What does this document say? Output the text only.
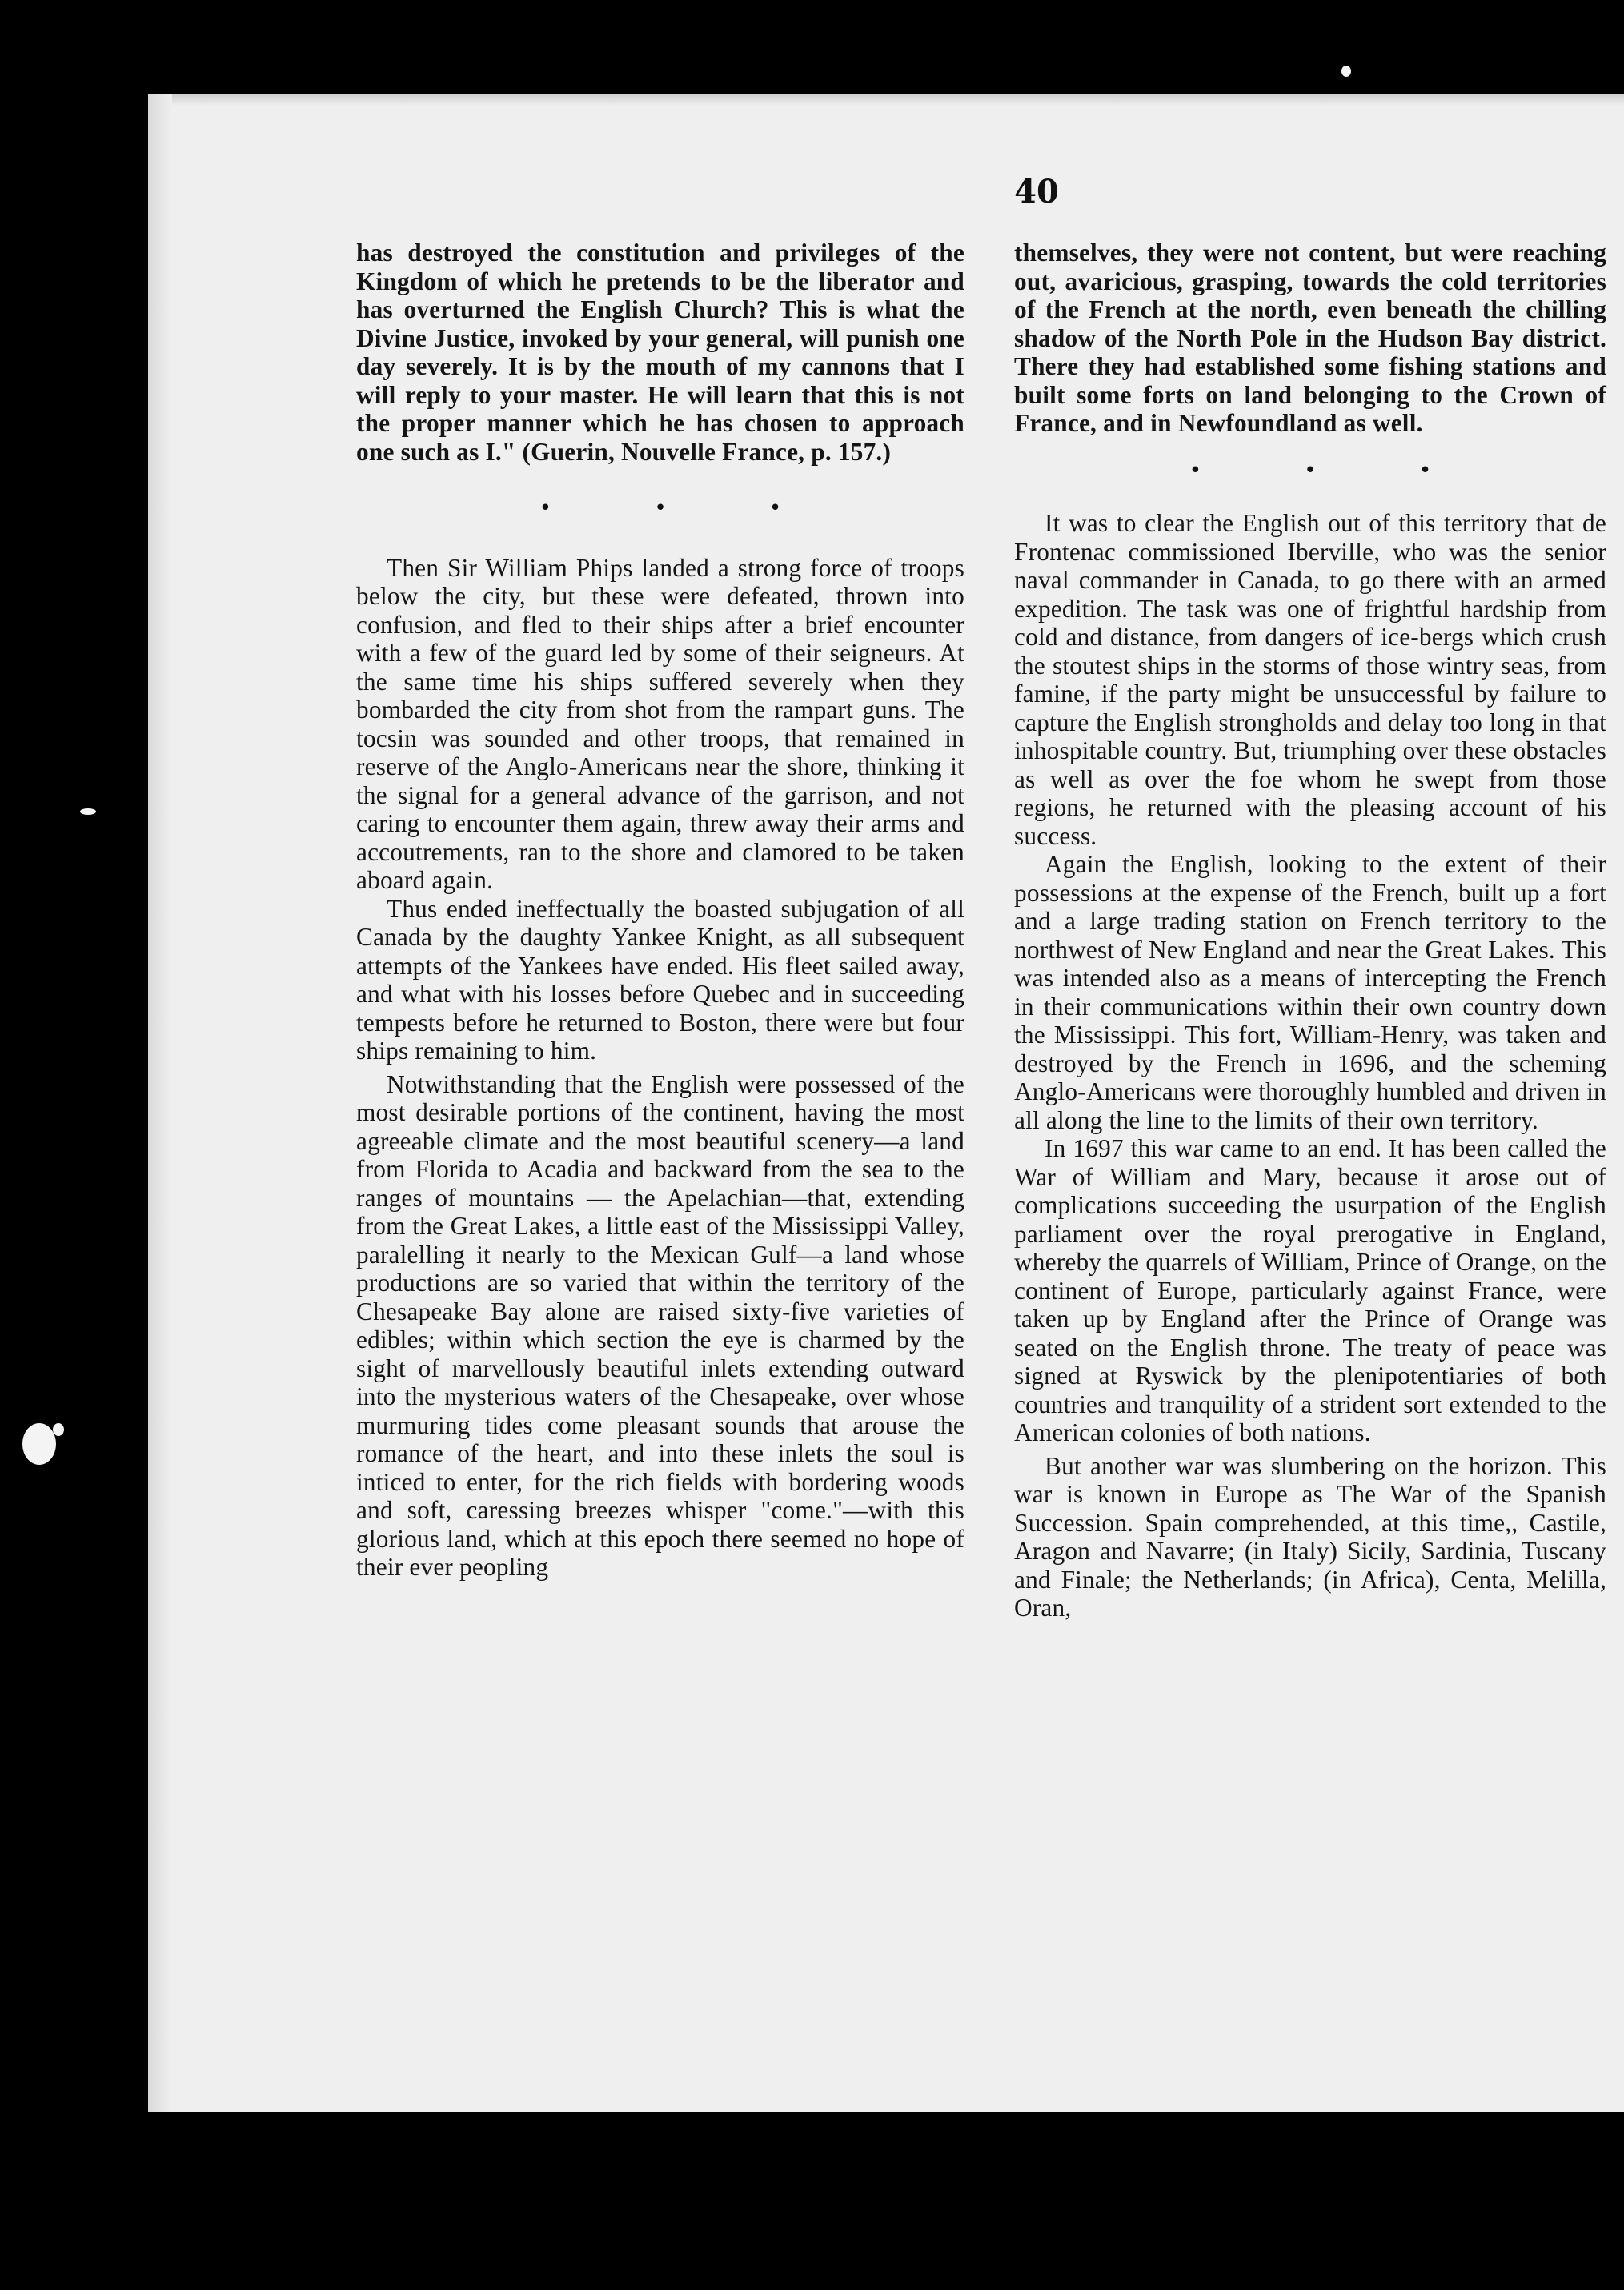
40

has destroyed the constitution and privileges of the Kingdom of which he pretends to be the liberator and has overturned the English Church? This is what the Divine Justice, invoked by your general, will punish one day severely. It is by the mouth of my cannons that I will reply to your master. He will learn that this is not the proper manner which he has chosen to approach one such as I." (Guerin, Nouvelle France, p. 157.)

• • •

Then Sir William Phips landed a strong force of troops below the city, but these were defeated, thrown into confusion, and fled to their ships after a brief encounter with a few of the guard led by some of their seigneurs. At the same time his ships suffered severely when they bombarded the city from shot from the rampart guns. The tocsin was sounded and other troops, that remained in reserve of the Anglo-Americans near the shore, thinking it the signal for a general advance of the garrison, and not caring to encounter them again, threw away their arms and accoutrements, ran to the shore and clamored to be taken aboard again.

Thus ended ineffectually the boasted subjugation of all Canada by the daughty Yankee Knight, as all subsequent attempts of the Yankees have ended. His fleet sailed away, and what with his losses before Quebec and in succeeding tempests before he returned to Boston, there were but four ships remaining to him.

Notwithstanding that the English were possessed of the most desirable portions of the continent, having the most agreeable climate and the most beautiful scenery—a land from Florida to Acadia and backward from the sea to the ranges of mountains — the Apelachian—that, extending from the Great Lakes, a little east of the Mississippi Valley, paralelling it nearly to the Mexican Gulf—a land whose productions are so varied that within the territory of the Chesapeake Bay alone are raised sixty-five varieties of edibles; within which section the eye is charmed by the sight of marvellously beautiful inlets extending outward into the mysterious waters of the Chesapeake, over whose murmuring tides come pleasant sounds that arouse the romance of the heart, and into these inlets the soul is inticed to enter, for the rich fields with bordering woods and soft, caressing breezes whisper "come."—with this glorious land, which at this epoch there seemed no hope of their ever peopling

themselves, they were not content, but were reaching out, avaricious, grasping, towards the cold territories of the French at the north, even beneath the chilling shadow of the North Pole in the Hudson Bay district. There they had established some fishing stations and built some forts on land belonging to the Crown of France, and in Newfoundland as well.

• • •

It was to clear the English out of this territory that de Frontenac commissioned Iberville, who was the senior naval commander in Canada, to go there with an armed expedition. The task was one of frightful hardship from cold and distance, from dangers of ice-bergs which crush the stoutest ships in the storms of those wintry seas, from famine, if the party might be unsuccessful by failure to capture the English strongholds and delay too long in that inhospitable country. But, triumphing over these obstacles as well as over the foe whom he swept from those regions, he returned with the pleasing account of his success.

Again the English, looking to the extent of their possessions at the expense of the French, built up a fort and a large trading station on French territory to the northwest of New England and near the Great Lakes. This was intended also as a means of intercepting the French in their communications within their own country down the Mississippi. This fort, William-Henry, was taken and destroyed by the French in 1696, and the scheming Anglo-Americans were thoroughly humbled and driven in all along the line to the limits of their own territory.

In 1697 this war came to an end. It has been called the War of William and Mary, because it arose out of complications succeeding the usurpation of the English parliament over the royal prerogative in England, whereby the quarrels of William, Prince of Orange, on the continent of Europe, particularly against France, were taken up by England after the Prince of Orange was seated on the English throne. The treaty of peace was signed at Ryswick by the plenipotentiaries of both countries and tranquility of a strident sort extended to the American colonies of both nations.

But another war was slumbering on the horizon. This war is known in Europe as The War of the Spanish Succession. Spain comprehended, at this time,, Castile, Aragon and Navarre; (in Italy) Sicily, Sardinia, Tuscany and Finale; the Netherlands; (in Africa), Centa, Melilla, Oran,
